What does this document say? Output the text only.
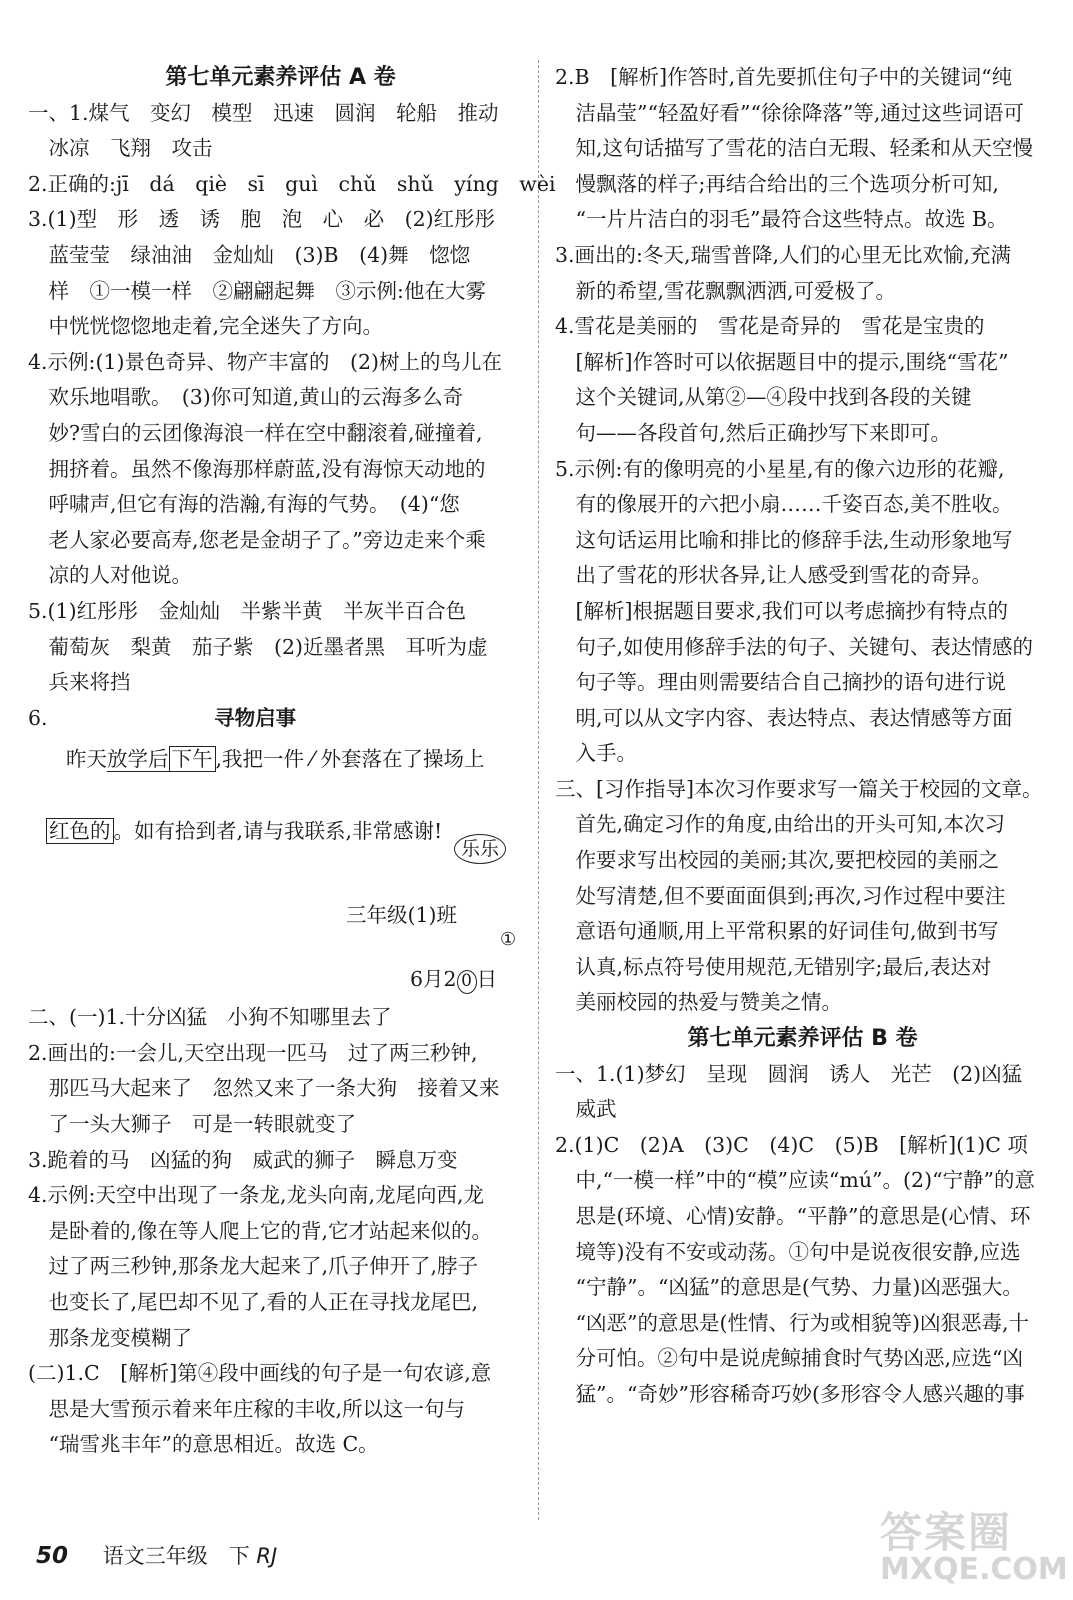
第七单元素养评估 A 卷
一、1.煤气　变幻　模型　迅速　圆润　轮船　推动
　冰凉　飞翔　攻击
2.正确的:jī　dá　qiè　sī　guì　chǔ　shǔ　yíng　wèi
3.(1)型　形　透　诱　胞　泡　心　必　(2)红彤彤
　蓝莹莹　绿油油　金灿灿　(3)B　(4)舞　惚惚
　样　①一模一样　②翩翩起舞　③示例:他在大雾
　中恍恍惚惚地走着,完全迷失了方向。
4.示例:(1)景色奇异、物产丰富的　(2)树上的鸟儿在
　欢乐地唱歌。　(3)你可知道,黄山的云海多么奇
　妙?雪白的云团像海浪一样在空中翻滚着,碰撞着,
　拥挤着。虽然不像海那样蔚蓝,没有海惊天动地的
　呼啸声,但它有海的浩瀚,有海的气势。　(4)“您
　老人家必要高寿,您老是金胡子了。”旁边走来个乘
　凉的人对他说。
5.(1)红彤彤　金灿灿　半紫半黄　半灰半百合色
　葡萄灰　梨黄　茄子紫　(2)近墨者黑　耳听为虚
　兵来将挡
6.	寻物启事
昨天放学后 下午 ,我把一件 ⁄ 外套落在了操场上
红色的 。如有拾到者,请与我联系,非常感谢!
乐乐
三年级(1)班
①
6月2 0 日
二、(一)1.十分凶猛　小狗不知哪里去了
2.画出的:一会儿,天空出现一匹马　过了两三秒钟,
　那匹马大起来了　忽然又来了一条大狗　接着又来
　了一头大狮子　可是一转眼就变了
3.跪着的马　凶猛的狗　威武的狮子　瞬息万变
4.示例:天空中出现了一条龙,龙头向南,龙尾向西,龙
　是卧着的,像在等人爬上它的背,它才站起来似的。
　过了两三秒钟,那条龙大起来了,爪子伸开了,脖子
　也变长了,尾巴却不见了,看的人正在寻找龙尾巴,
　那条龙变模糊了
(二)1.C　[解析]第④段中画线的句子是一句农谚,意
　思是大雪预示着来年庄稼的丰收,所以这一句与
　“瑞雪兆丰年”的意思相近。故选 C。
2.B　[解析]作答时,首先要抓住句子中的关键词“纯
　洁晶莹”“轻盈好看”“徐徐降落”等,通过这些词语可
　知,这句话描写了雪花的洁白无瑕、轻柔和从天空慢
　慢飘落的样子;再结合给出的三个选项分析可知,
　“一片片洁白的羽毛”最符合这些特点。故选 B。
3.画出的:冬天,瑞雪普降,人们的心里无比欢愉,充满
　新的希望,雪花飘飘洒洒,可爱极了。
4.雪花是美丽的　雪花是奇异的　雪花是宝贵的
　[解析]作答时可以依据题目中的提示,围绕“雪花”
　这个关键词,从第②—④段中找到各段的关键
　句——各段首句,然后正确抄写下来即可。
5.示例:有的像明亮的小星星,有的像六边形的花瓣,
　有的像展开的六把小扇……千姿百态,美不胜收。
　这句话运用比喻和排比的修辞手法,生动形象地写
　出了雪花的形状各异,让人感受到雪花的奇异。
　[解析]根据题目要求,我们可以考虑摘抄有特点的
　句子,如使用修辞手法的句子、关键句、表达情感的
　句子等。理由则需要结合自己摘抄的语句进行说
　明,可以从文字内容、表达特点、表达情感等方面
　入手。
三、[习作指导]本次习作要求写一篇关于校园的文章。
　首先,确定习作的角度,由给出的开头可知,本次习
　作要求写出校园的美丽;其次,要把校园的美丽之
　处写清楚,但不要面面俱到;再次,习作过程中要注
　意语句通顺,用上平常积累的好词佳句,做到书写
　认真,标点符号使用规范,无错别字;最后,表达对
　美丽校园的热爱与赞美之情。
第七单元素养评估 B 卷
一、1.(1)梦幻　呈现　圆润　诱人　光芒　(2)凶猛
　威武
2.(1)C　(2)A　(3)C　(4)C　(5)B　[解析](1)C 项
　中,“一模一样”中的“模”应读“mú”。(2)“宁静”的意
　思是(环境、心情)安静。“平静”的意思是(心情、环
　境等)没有不安或动荡。①句中是说夜很安静,应选
　“宁静”。“凶猛”的意思是(气势、力量)凶恶强大。
　“凶恶”的意思是(性情、行为或相貌等)凶狠恶毒,十
　分可怕。②句中是说虎鲸捕食时气势凶恶,应选“凶
　猛”。“奇妙”形容稀奇巧妙(多形容令人感兴趣的事
50 语文三年级　下 RJ	答案圈
MXQE.COM
